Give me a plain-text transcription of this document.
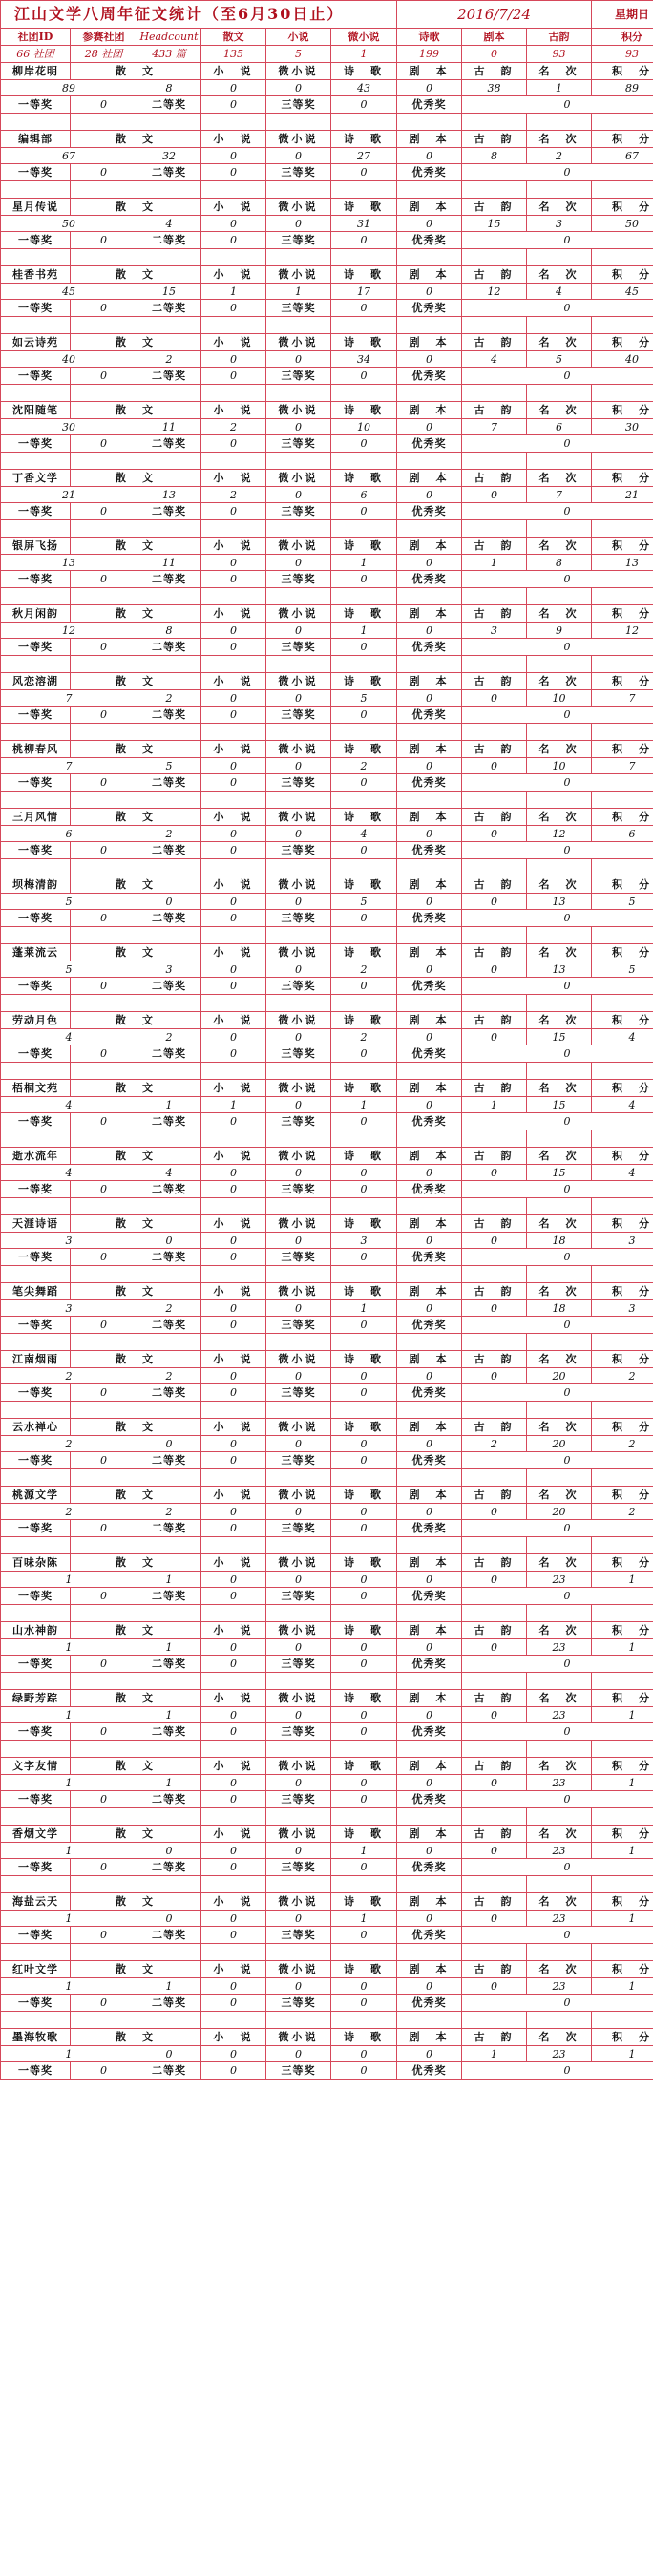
江山文学八周年征文统计（至6月30日止）						2016/7/24			星期日
社团ID	参赛社团	Headcount	散文	小说	微小说	诗歌	剧本	古韵	积分
66 社团	28 社团	433 篇	135	5	1	199	0	93	93
柳岸花明	散　文		小　说	微小说	诗　歌	剧　本	古　韵	名　次	积　分
89		8	0	0	43	0	38	1	89
一等奖	0	二等奖	0	三等奖	0	优秀奖	0		

编辑部	散　文		小　说	微小说	诗　歌	剧　本	古　韵	名　次	积　分
67		32	0	0	27	0	8	2	67
一等奖	0	二等奖	0	三等奖	0	优秀奖	0		

星月传说	散　文		小　说	微小说	诗　歌	剧　本	古　韵	名　次	积　分
50		4	0	0	31	0	15	3	50
一等奖	0	二等奖	0	三等奖	0	优秀奖	0		

桂香书苑	散　文		小　说	微小说	诗　歌	剧　本	古　韵	名　次	积　分
45		15	1	1	17	0	12	4	45
一等奖	0	二等奖	0	三等奖	0	优秀奖	0		

如云诗苑	散　文		小　说	微小说	诗　歌	剧　本	古　韵	名　次	积　分
40		2	0	0	34	0	4	5	40
一等奖	0	二等奖	0	三等奖	0	优秀奖	0		

沈阳随笔	散　文		小　说	微小说	诗　歌	剧　本	古　韵	名　次	积　分
30		11	2	0	10	0	7	6	30
一等奖	0	二等奖	0	三等奖	0	优秀奖	0		

丁香文学	散　文		小　说	微小说	诗　歌	剧　本	古　韵	名　次	积　分
21		13	2	0	6	0	0	7	21
一等奖	0	二等奖	0	三等奖	0	优秀奖	0		

银屏飞扬	散　文		小　说	微小说	诗　歌	剧　本	古　韵	名　次	积　分
13		11	0	0	1	0	1	8	13
一等奖	0	二等奖	0	三等奖	0	优秀奖	0		

秋月闲韵	散　文		小　说	微小说	诗　歌	剧　本	古　韵	名　次	积　分
12		8	0	0	1	0	3	9	12
一等奖	0	二等奖	0	三等奖	0	优秀奖	0		

风恋溶湖	散　文		小　说	微小说	诗　歌	剧　本	古　韵	名　次	积　分
7		2	0	0	5	0	0	10	7
一等奖	0	二等奖	0	三等奖	0	优秀奖	0		

桃柳春风	散　文		小　说	微小说	诗　歌	剧　本	古　韵	名　次	积　分
7		5	0	0	2	0	0	10	7
一等奖	0	二等奖	0	三等奖	0	优秀奖	0		

三月风情	散　文		小　说	微小说	诗　歌	剧　本	古　韵	名　次	积　分
6		2	0	0	4	0	0	12	6
一等奖	0	二等奖	0	三等奖	0	优秀奖	0		

坝梅清韵	散　文		小　说	微小说	诗　歌	剧　本	古　韵	名　次	积　分
5		0	0	0	5	0	0	13	5
一等奖	0	二等奖	0	三等奖	0	优秀奖	0		

蓬莱流云	散　文		小　说	微小说	诗　歌	剧　本	古　韵	名　次	积　分
5		3	0	0	2	0	0	13	5
一等奖	0	二等奖	0	三等奖	0	优秀奖	0		

劳动月色	散　文		小　说	微小说	诗　歌	剧　本	古　韵	名　次	积　分
4		2	0	0	2	0	0	15	4
一等奖	0	二等奖	0	三等奖	0	优秀奖	0		

梧桐文苑	散　文		小　说	微小说	诗　歌	剧　本	古　韵	名　次	积　分
4		1	1	0	1	0	1	15	4
一等奖	0	二等奖	0	三等奖	0	优秀奖	0		

逝水流年	散　文		小　说	微小说	诗　歌	剧　本	古　韵	名　次	积　分
4		4	0	0	0	0	0	15	4
一等奖	0	二等奖	0	三等奖	0	优秀奖	0		

天涯诗语	散　文		小　说	微小说	诗　歌	剧　本	古　韵	名　次	积　分
3		0	0	0	3	0	0	18	3
一等奖	0	二等奖	0	三等奖	0	优秀奖	0		

笔尖舞蹈	散　文		小　说	微小说	诗　歌	剧　本	古　韵	名　次	积　分
3		2	0	0	1	0	0	18	3
一等奖	0	二等奖	0	三等奖	0	优秀奖	0		

江南烟雨	散　文		小　说	微小说	诗　歌	剧　本	古　韵	名　次	积　分
2		2	0	0	0	0	0	20	2
一等奖	0	二等奖	0	三等奖	0	优秀奖	0		

云水禅心	散　文		小　说	微小说	诗　歌	剧　本	古　韵	名　次	积　分
2		0	0	0	0	0	2	20	2
一等奖	0	二等奖	0	三等奖	0	优秀奖	0		

桃源文学	散　文		小　说	微小说	诗　歌	剧　本	古　韵	名　次	积　分
2		2	0	0	0	0	0	20	2
一等奖	0	二等奖	0	三等奖	0	优秀奖	0		

百味杂陈	散　文		小　说	微小说	诗　歌	剧　本	古　韵	名　次	积　分
1		1	0	0	0	0	0	23	1
一等奖	0	二等奖	0	三等奖	0	优秀奖	0		

山水神韵	散　文		小　说	微小说	诗　歌	剧　本	古　韵	名　次	积　分
1		1	0	0	0	0	0	23	1
一等奖	0	二等奖	0	三等奖	0	优秀奖	0		

绿野芳踪	散　文		小　说	微小说	诗　歌	剧　本	古　韵	名　次	积　分
1		1	0	0	0	0	0	23	1
一等奖	0	二等奖	0	三等奖	0	优秀奖	0		

文字友情	散　文		小　说	微小说	诗　歌	剧　本	古　韵	名　次	积　分
1		1	0	0	0	0	0	23	1
一等奖	0	二等奖	0	三等奖	0	优秀奖	0		

香烟文学	散　文		小　说	微小说	诗　歌	剧　本	古　韵	名　次	积　分
1		0	0	0	1	0	0	23	1
一等奖	0	二等奖	0	三等奖	0	优秀奖	0		

海盐云天	散　文		小　说	微小说	诗　歌	剧　本	古　韵	名　次	积　分
1		0	0	0	1	0	0	23	1
一等奖	0	二等奖	0	三等奖	0	优秀奖	0		

红叶文学	散　文		小　说	微小说	诗　歌	剧　本	古　韵	名　次	积　分
1		1	0	0	0	0	0	23	1
一等奖	0	二等奖	0	三等奖	0	优秀奖	0		

墨海牧歌	散　文		小　说	微小说	诗　歌	剧　本	古　韵	名　次	积　分
1		0	0	0	0	0	1	23	1
一等奖	0	二等奖	0	三等奖	0	优秀奖	0		
